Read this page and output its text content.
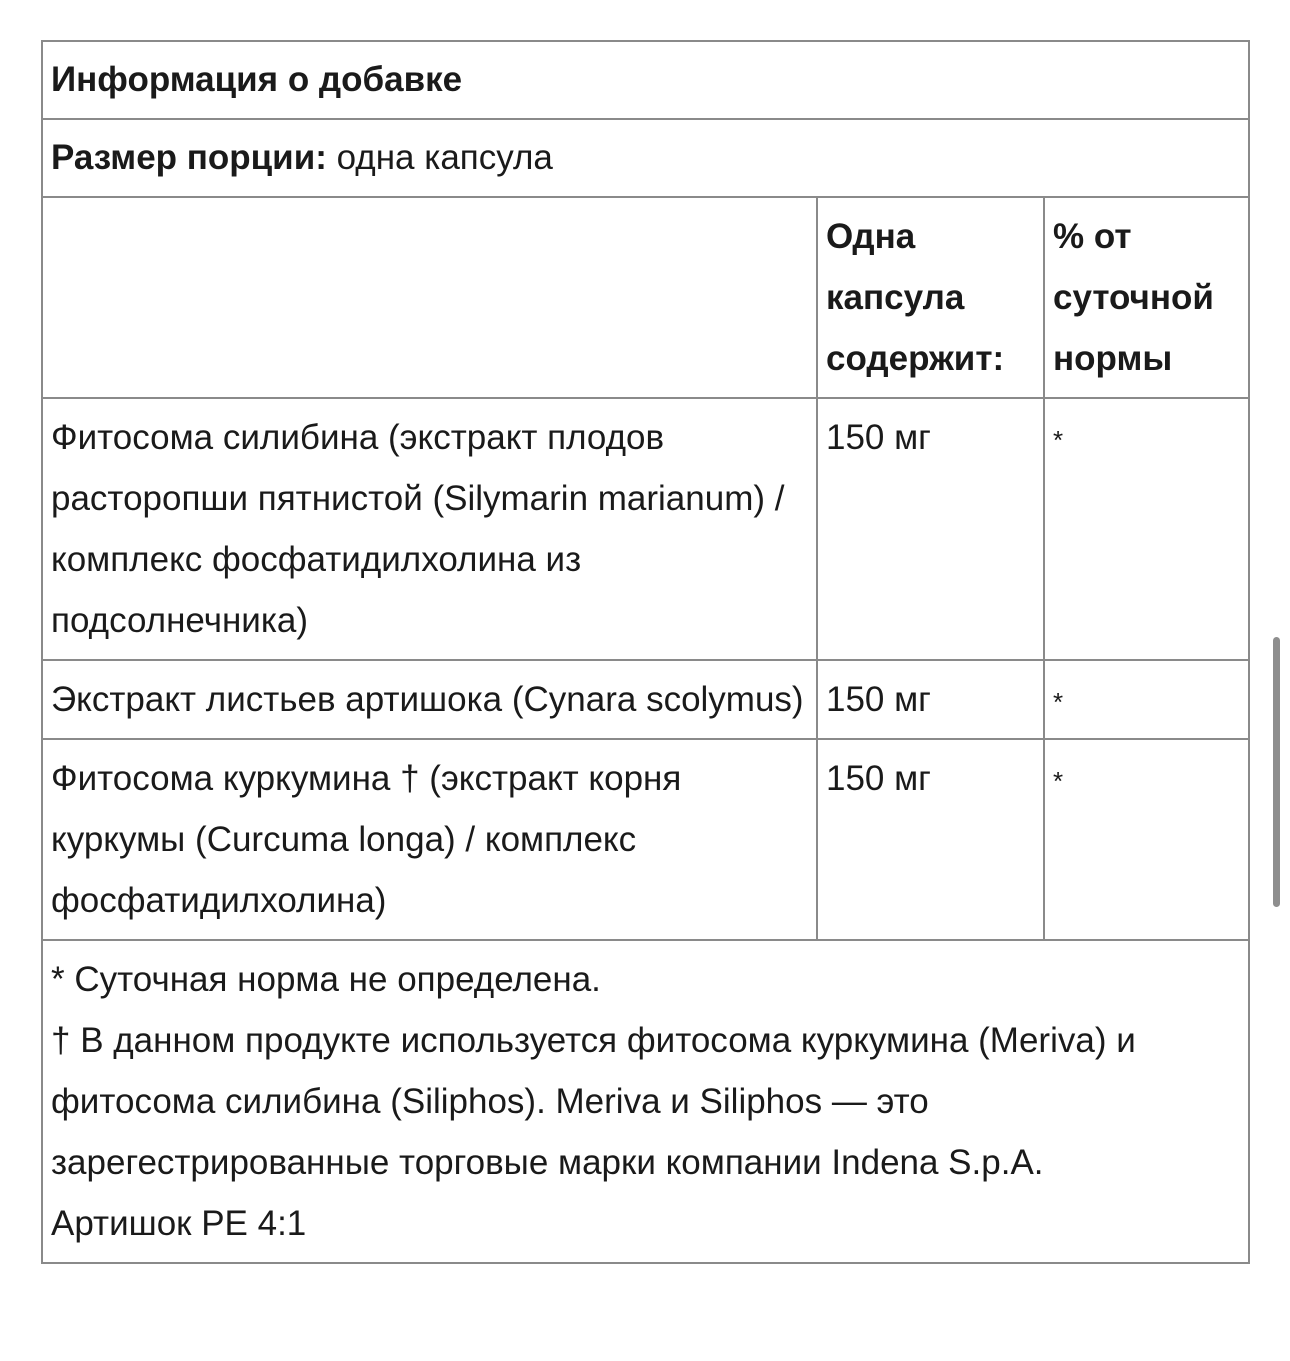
Информация о добавке		
Размер порции: одна капсула		
	Одна капсула содержит:	% от суточной нормы
Фитосома силибина (экстракт плодов расторопши пятнистой (Silymarin marianum) / комплекс фосфатидилхолина из подсолнечника)	150 мг	*
Экстракт листьев артишока (Cynara scolymus)	150 мг	*
Фитосома куркумина † (экстракт корня куркумы (Curcuma longa) / комплекс фосфатидилхолина)	150 мг	*

* Суточная норма не определена.

† В данном продукте используется фитосома куркумина (Meriva) и фитосома силибина (Siliphos). Meriva и Siliphos — это зарегестрированные торговые марки компании Indena S.p.A.

Артишок PE 4:1		
